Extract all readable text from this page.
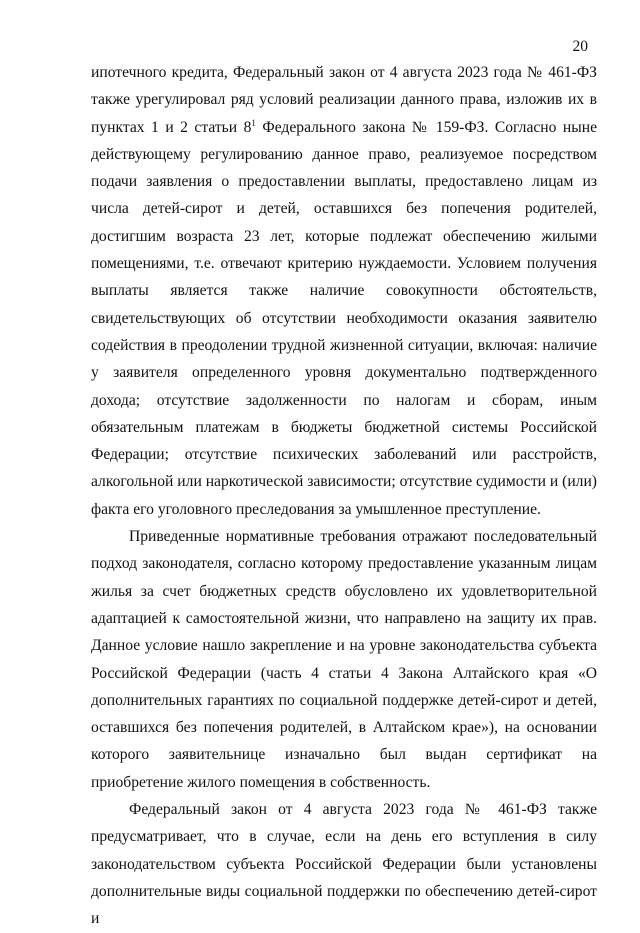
20

ипотечного кредита, Федеральный закон от 4 августа 2023 года № 461-ФЗ также урегулировал ряд условий реализации данного права, изложив их в пунктах 1 и 2 статьи $8^1$ Федерального закона № 159-ФЗ. Согласно ныне действующему регулированию данное право, реализуемое посредством подачи заявления о предоставлении выплаты, предоставлено лицам из числа детей-сирот и детей, оставшихся без попечения родителей, достигшим возраста 23 лет, которые подлежат обеспечению жилыми помещениями, т.е. отвечают критерию нуждаемости. Условием получения выплаты является также наличие совокупности обстоятельств, свидетельствующих об отсутствии необходимости оказания заявителю содействия в преодолении трудной жизненной ситуации, включая: наличие у заявителя определенного уровня документально подтвержденного дохода; отсутствие задолженности по налогам и сборам, иным обязательным платежам в бюджеты бюджетной системы Российской Федерации; отсутствие психических заболеваний или расстройств, алкогольной или наркотической зависимости; отсутствие судимости и (или) факта его уголовного преследования за умышленное преступление.

Приведенные нормативные требования отражают последовательный подход законодателя, согласно которому предоставление указанным лицам жилья за счет бюджетных средств обусловлено их удовлетворительной адаптацией к самостоятельной жизни, что направлено на защиту их прав. Данное условие нашло закрепление и на уровне законодательства субъекта Российской Федерации (часть 4 статьи 4 Закона Алтайского края «О дополнительных гарантиях по социальной поддержке детей-сирот и детей, оставшихся без попечения родителей, в Алтайском крае»), на основании которого заявительнице изначально был выдан сертификат на приобретение жилого помещения в собственность.

Федеральный закон от 4 августа 2023 года № 461-ФЗ также предусматривает, что в случае, если на день его вступления в силу законодательством субъекта Российской Федерации были установлены дополнительные виды социальной поддержки по обеспечению детей-сирот и
